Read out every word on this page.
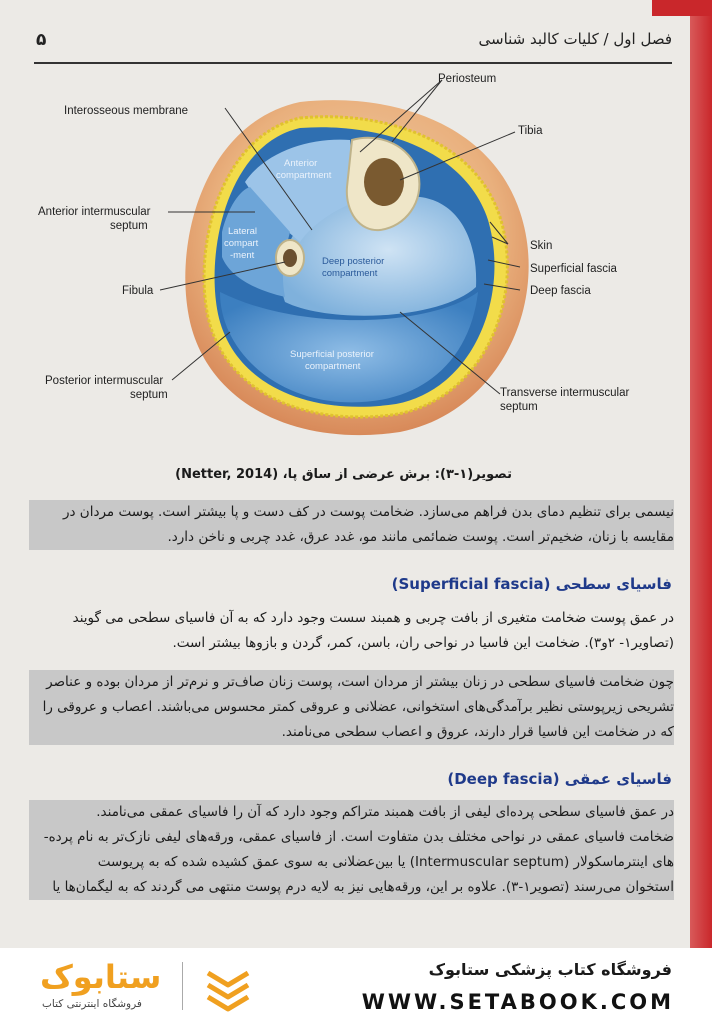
۵	فصل اول / کلیات کالبد شناسی
Periosteum
Interosseous membrane
Tibia
Anterior intermuscular
septum
Skin
Superficial fascia
Deep fascia
Fibula
Posterior intermuscular
septum	Transverse intermuscular
septum
Anterior
compartment
Lateral
compart
-ment
Deep posterior
compartment
Superficial posterior
compartment
تصویر(۱-۳): برش عرضی از ساق پا، (Netter, 2014)
نیسمی برای تنظیم دمای بدن فراهم می‌سازد. ضخامت پوست در کف دست و پا بیشتر است. پوست مردان در
مقایسه با زنان، ضخیم‌تر است. پوست ضمائمی مانند مو، غدد عرق، غدد چربی و ناخن دارد.
فاسیای سطحی (Superficial fascia)
در عمق پوست ضخامت متغیری از بافت چربی و همبند سست وجود دارد که به آن فاسیای سطحی می گویند
(تصاویر۱- ۲و۳). ضخامت این فاسیا در نواحی ران، باسن، کمر، گردن و بازوها بیشتر است.
چون ضخامت فاسیای سطحی در زنان بیشتر از مردان است، پوست زنان صاف‌تر و نرم‌تر از مردان بوده و عناصر
تشریحی زیرپوستی نظیر برآمدگی‌های استخوانی، عضلانی و عروقی کمتر محسوس می‌باشند. اعصاب و عروقی را
که در ضخامت این فاسیا قرار دارند، عروق و اعصاب سطحی می‌نامند.
فاسیای عمقی (Deep fascia)
در عمق فاسیای سطحی پرده‌ای لیفی از بافت همبند متراکم وجود دارد که آن را فاسیای عمقی می‌نامند.
ضخامت فاسیای عمقی در نواحی مختلف بدن متفاوت است. از فاسیای عمقی، ورقه‌های لیفی نازک‌تر به نام پرده-
های اینترماسکولار (Intermuscular septum) یا بین‌عضلانی به سوی عمق کشیده شده که به پریوست
استخوان می‌رسند (تصویر۱-۳). علاوه بر این، ورقه‌هایی نیز به لایه درم پوست منتهی می گردند که به لیگمان‌ها یا
فروشگاه کتاب پزشکی ستابوک
WWW.SETABOOK.COM
ستابوک
فروشگاه اینترنتی کتاب
